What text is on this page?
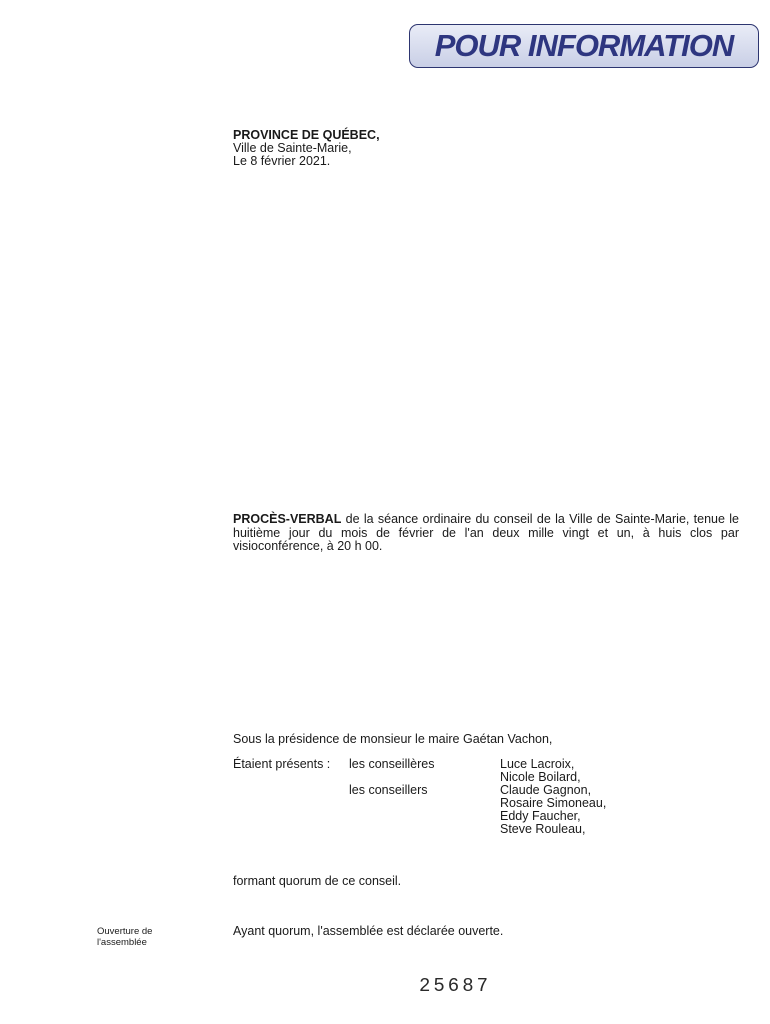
POUR INFORMATION
PROVINCE DE QUÉBEC,
Ville de Sainte-Marie,
Le 8 février 2021.
PROCÈS-VERBAL de la séance ordinaire du conseil de la Ville de Sainte-Marie, tenue le huitième jour du mois de février de l'an deux mille vingt et un, à huis clos par visioconférence, à 20 h 00.
Sous la présidence de monsieur le maire Gaétan Vachon,
Étaient présents : les conseillères	Luce Lacroix,
Nicole Boilard,
les conseillers	Claude Gagnon,
Rosaire Simoneau,
Eddy Faucher,
Steve Rouleau,
formant quorum de ce conseil.
Ouverture de
l'assemblée
Ayant quorum, l'assemblée est déclarée ouverte.
25687
